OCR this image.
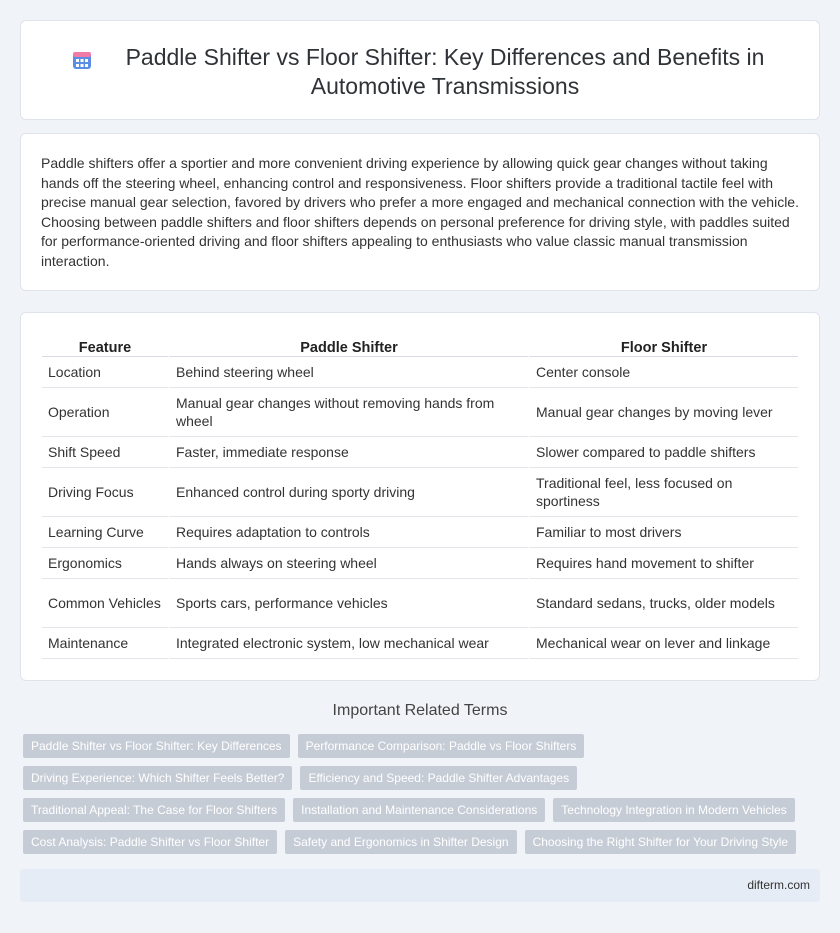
Paddle Shifter vs Floor Shifter: Key Differences and Benefits in Automotive Transmissions

Paddle shifters offer a sportier and more convenient driving experience by allowing quick gear changes without taking hands off the steering wheel, enhancing control and responsiveness. Floor shifters provide a traditional tactile feel with precise manual gear selection, favored by drivers who prefer a more engaged and mechanical connection with the vehicle. Choosing between paddle shifters and floor shifters depends on personal preference for driving style, with paddles suited for performance-oriented driving and floor shifters appealing to enthusiasts who value classic manual transmission interaction.

Feature	Paddle Shifter	Floor Shifter
Location	Behind steering wheel	Center console
Operation	Manual gear changes without removing hands from wheel	Manual gear changes by moving lever
Shift Speed	Faster, immediate response	Slower compared to paddle shifters
Driving Focus	Enhanced control during sporty driving	Traditional feel, less focused on sportiness
Learning Curve	Requires adaptation to controls	Familiar to most drivers
Ergonomics	Hands always on steering wheel	Requires hand movement to shifter
Common Vehicles	Sports cars, performance vehicles	Standard sedans, trucks, older models
Maintenance	Integrated electronic system, low mechanical wear	Mechanical wear on lever and linkage
Important Related Terms
Paddle Shifter vs Floor Shifter: Key Differences	Performance Comparison: Paddle vs Floor Shifters
Driving Experience: Which Shifter Feels Better?	Efficiency and Speed: Paddle Shifter Advantages
Traditional Appeal: The Case for Floor Shifters	Installation and Maintenance Considerations	Technology Integration in Modern Vehicles
Cost Analysis: Paddle Shifter vs Floor Shifter	Safety and Ergonomics in Shifter Design	Choosing the Right Shifter for Your Driving Style
difterm.com
